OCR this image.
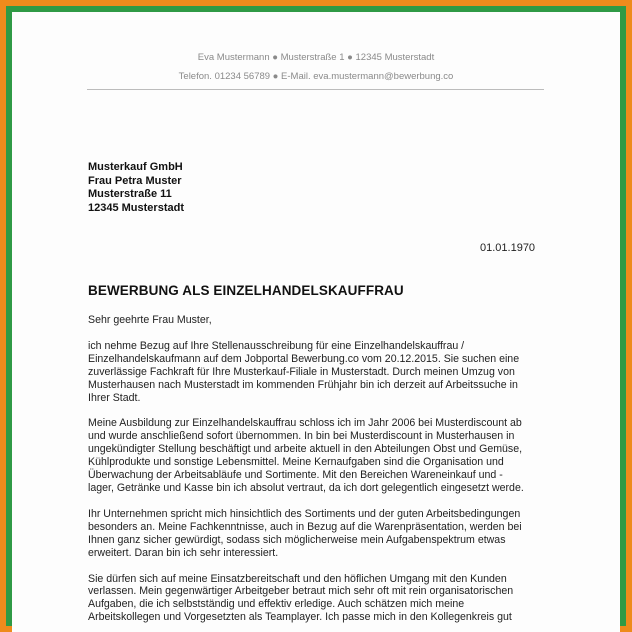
Eva Mustermann ● Musterstraße 1 ● 12345 Musterstadt
Telefon. 01234 56789 ● E-Mail. eva.mustermann@bewerbung.co
Musterkauf GmbH
Frau Petra Muster
Musterstraße 11
12345 Musterstadt
01.01.1970
BEWERBUNG ALS EINZELHANDELSKAUFFRAU

Sehr geehrte Frau Muster,

ich nehme Bezug auf Ihre Stellenausschreibung für eine Einzelhandelskauffrau /
Einzelhandelskaufmann auf dem Jobportal Bewerbung.co vom 20.12.2015. Sie suchen eine
zuverlässige Fachkraft für Ihre Musterkauf-Filiale in Musterstadt. Durch meinen Umzug von
Musterhausen nach Musterstadt im kommenden Frühjahr bin ich derzeit auf Arbeitssuche in
Ihrer Stadt.

Meine Ausbildung zur Einzelhandelskauffrau schloss ich im Jahr 2006 bei Musterdiscount ab
und wurde anschließend sofort übernommen. In bin bei Musterdiscount in Musterhausen in
ungekündigter Stellung beschäftigt und arbeite aktuell in den Abteilungen Obst und Gemüse,
Kühlprodukte und sonstige Lebensmittel. Meine Kernaufgaben sind die Organisation und
Überwachung der Arbeitsabläufe und Sortimente. Mit den Bereichen Wareneinkauf und -
lager, Getränke und Kasse bin ich absolut vertraut, da ich dort gelegentlich eingesetzt werde.

Ihr Unternehmen spricht mich hinsichtlich des Sortiments und der guten Arbeitsbedingungen
besonders an. Meine Fachkenntnisse, auch in Bezug auf die Warenpräsentation, werden bei
Ihnen ganz sicher gewürdigt, sodass sich möglicherweise mein Aufgabenspektrum etwas
erweitert. Daran bin ich sehr interessiert.

Sie dürfen sich auf meine Einsatzbereitschaft und den höflichen Umgang mit den Kunden
verlassen. Mein gegenwärtiger Arbeitgeber betraut mich sehr oft mit rein organisatorischen
Aufgaben, die ich selbstständig und effektiv erledige. Auch schätzen mich meine
Arbeitskollegen und Vorgesetzten als Teamplayer. Ich passe mich in den Kollegenkreis gut
